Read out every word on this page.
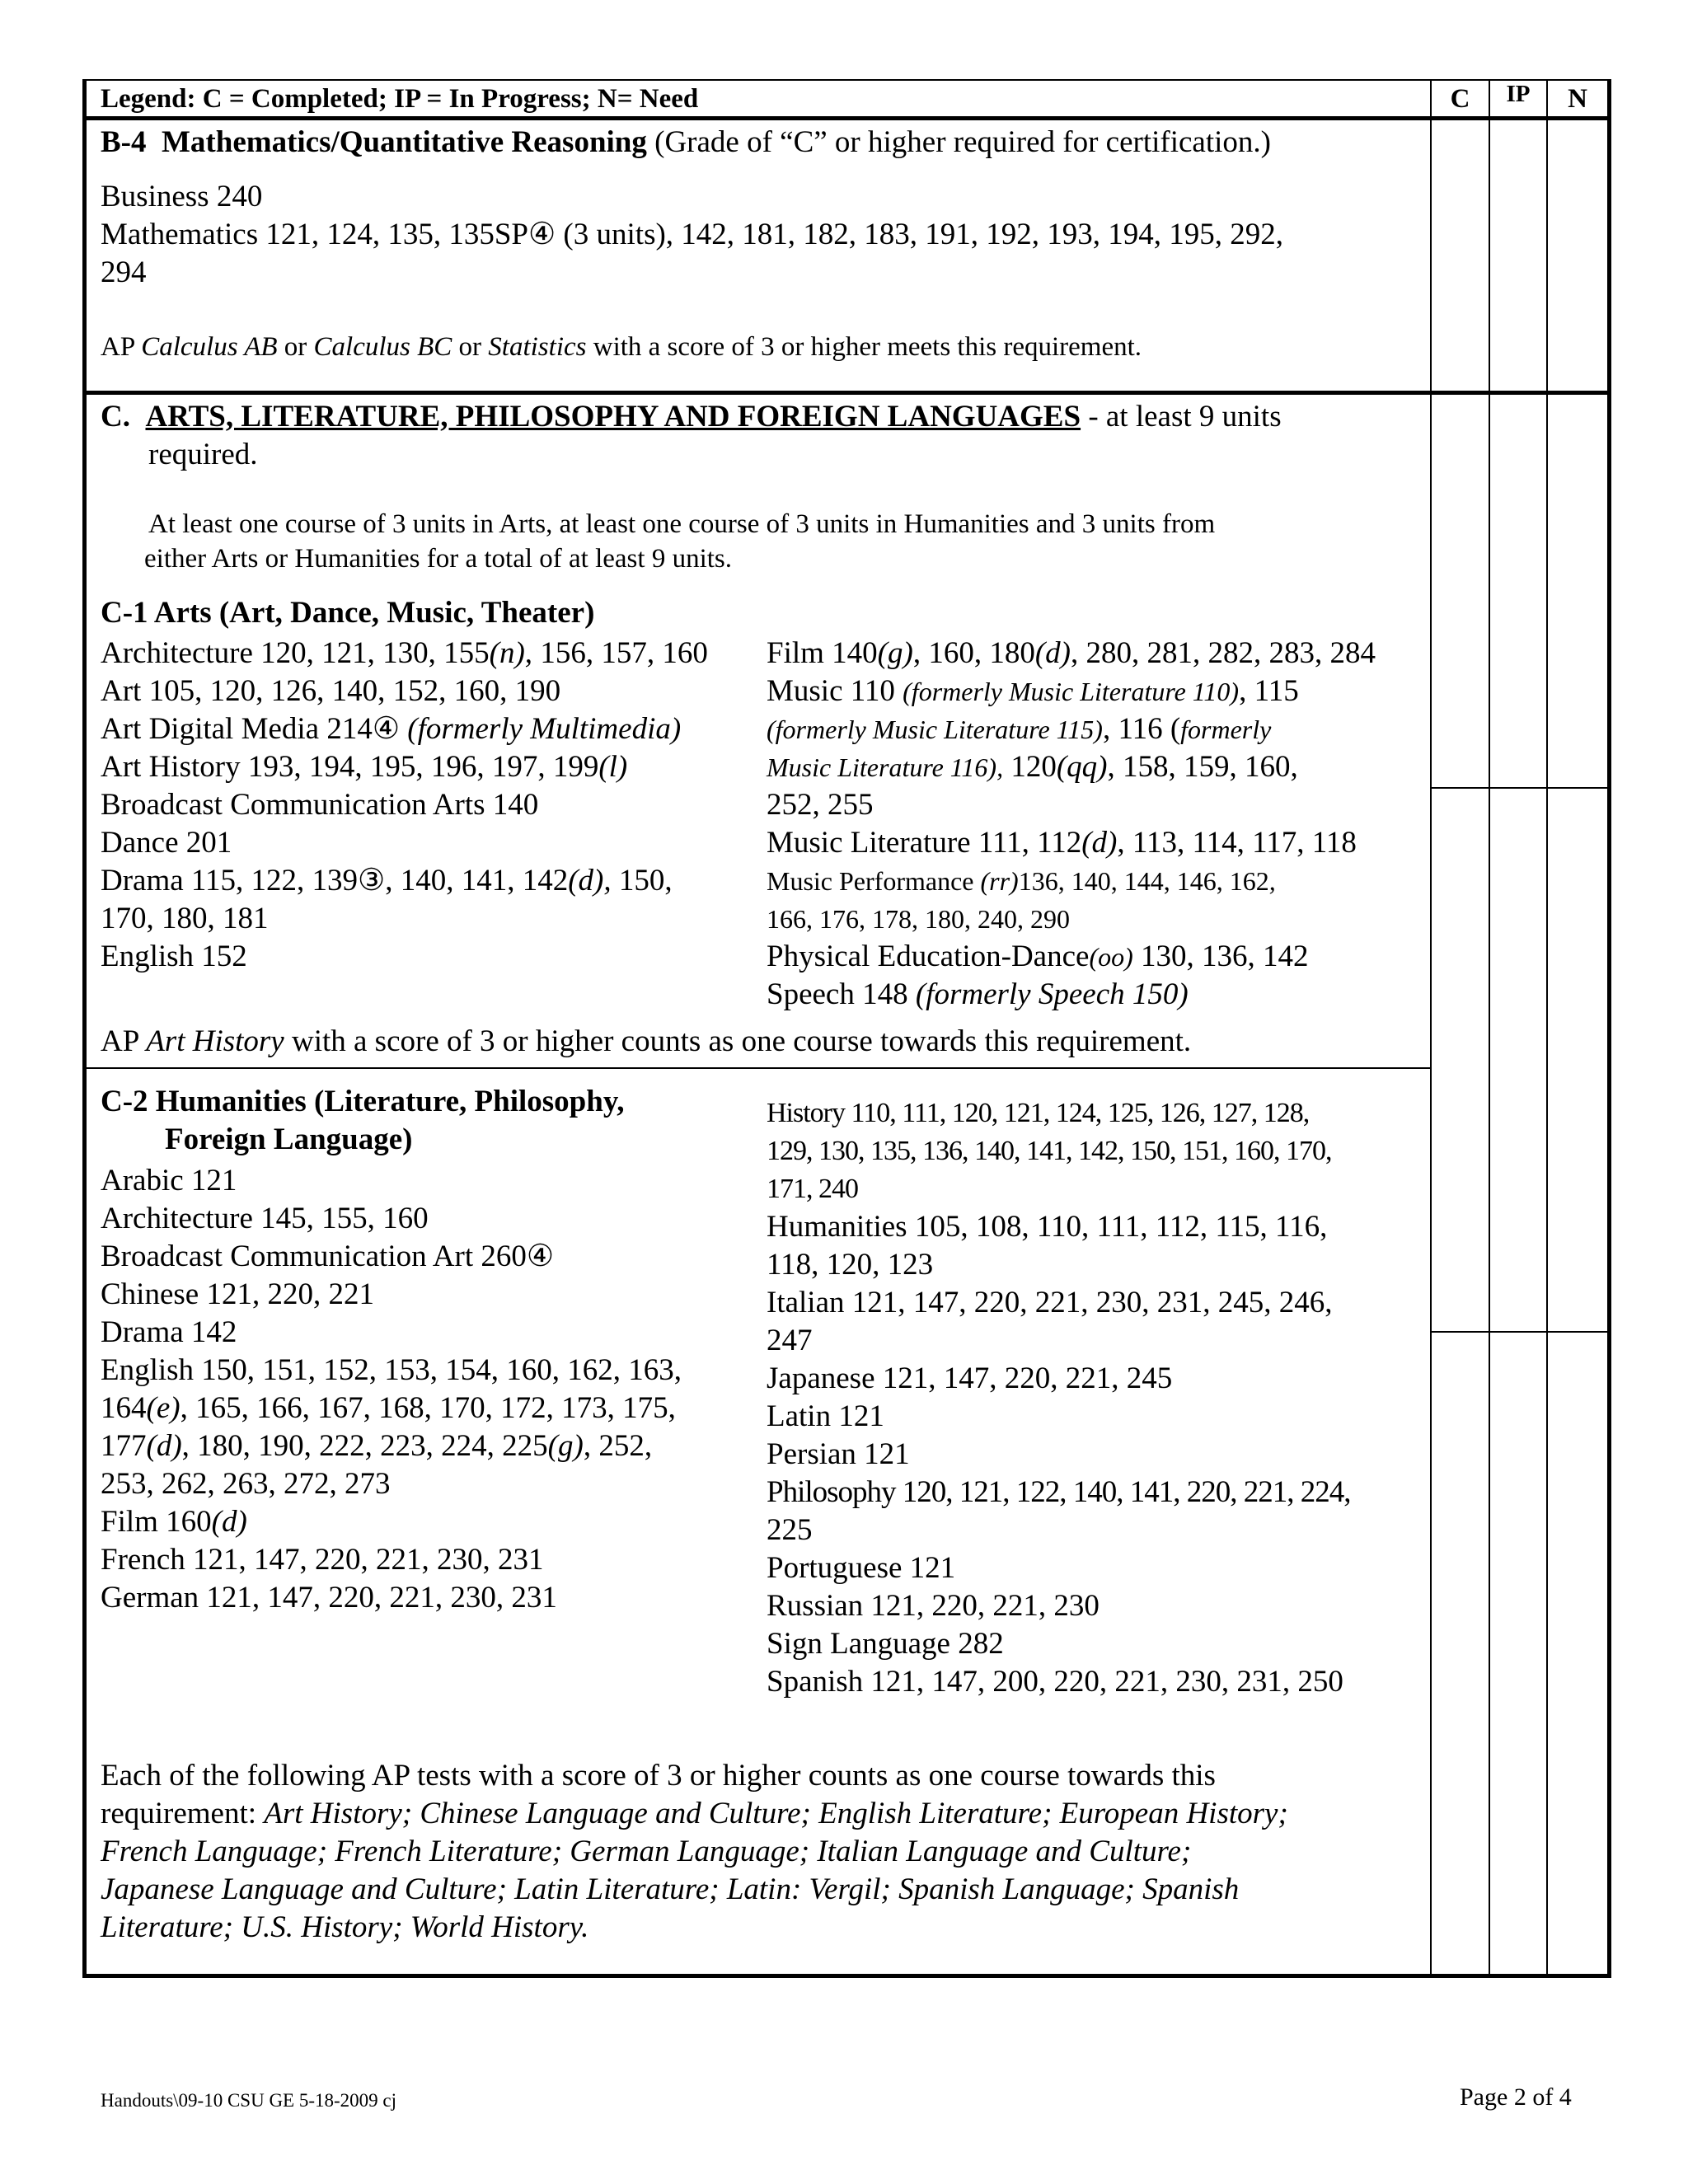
Legend: C = Completed; IP = In Progress; N= Need	C	IP	N
B-4 Mathematics/Quantitative Reasoning (Grade of “C” or higher required for certification.)
Business 240
Mathematics 121, 124, 135, 135SP④ (3 units), 142, 181, 182, 183, 191, 192, 193, 194, 195, 292,
294
AP Calculus AB or Calculus BC or Statistics with a score of 3 or higher meets this requirement.
C. ARTS, LITERATURE, PHILOSOPHY AND FOREIGN LANGUAGES - at least 9 units
required.
At least one course of 3 units in Arts, at least one course of 3 units in Humanities and 3 units from
either Arts or Humanities for a total of at least 9 units.
C-1 Arts (Art, Dance, Music, Theater)
Architecture 120, 121, 130, 155(n), 156, 157, 160
Art 105, 120, 126, 140, 152, 160, 190
Art Digital Media 214④ (formerly Multimedia)
Art History 193, 194, 195, 196, 197, 199(l)
Broadcast Communication Arts 140
Dance 201
Drama 115, 122, 139③, 140, 141, 142(d), 150,
170, 180, 181
English 152
Film 140(g), 160, 180(d), 280, 281, 282, 283, 284
Music 110 (formerly Music Literature 110), 115
(formerly Music Literature 115), 116 (formerly
Music Literature 116), 120(qq), 158, 159, 160,
252, 255
Music Literature 111, 112(d), 113, 114, 117, 118
Music Performance (rr)136, 140, 144, 146, 162,
166, 176, 178, 180, 240, 290
Physical Education-Dance(oo) 130, 136, 142
Speech 148 (formerly Speech 150)
AP Art History with a score of 3 or higher counts as one course towards this requirement.
C-2 Humanities (Literature, Philosophy,
Foreign Language)
Arabic 121
Architecture 145, 155, 160
Broadcast Communication Art 260④
Chinese 121, 220, 221
Drama 142
English 150, 151, 152, 153, 154, 160, 162, 163,
164(e), 165, 166, 167, 168, 170, 172, 173, 175,
177(d), 180, 190, 222, 223, 224, 225(g), 252,
253, 262, 263, 272, 273
Film 160(d)
French 121, 147, 220, 221, 230, 231
German 121, 147, 220, 221, 230, 231
History 110, 111, 120, 121, 124, 125, 126, 127, 128,
129, 130, 135, 136, 140, 141, 142, 150, 151, 160, 170,
171, 240
Humanities 105, 108, 110, 111, 112, 115, 116,
118, 120, 123
Italian 121, 147, 220, 221, 230, 231, 245, 246,
247
Japanese 121, 147, 220, 221, 245
Latin 121
Persian 121
Philosophy 120, 121, 122, 140, 141, 220, 221, 224,
225
Portuguese 121
Russian 121, 220, 221, 230
Sign Language 282
Spanish 121, 147, 200, 220, 221, 230, 231, 250
Each of the following AP tests with a score of 3 or higher counts as one course towards this
requirement: Art History; Chinese Language and Culture; English Literature; European History;
French Language; French Literature; German Language; Italian Language and Culture;
Japanese Language and Culture; Latin Literature; Latin: Vergil; Spanish Language; Spanish
Literature; U.S. History; World History.
Handouts\09-10 CSU GE 5-18-2009 cj	Page 2 of 4
